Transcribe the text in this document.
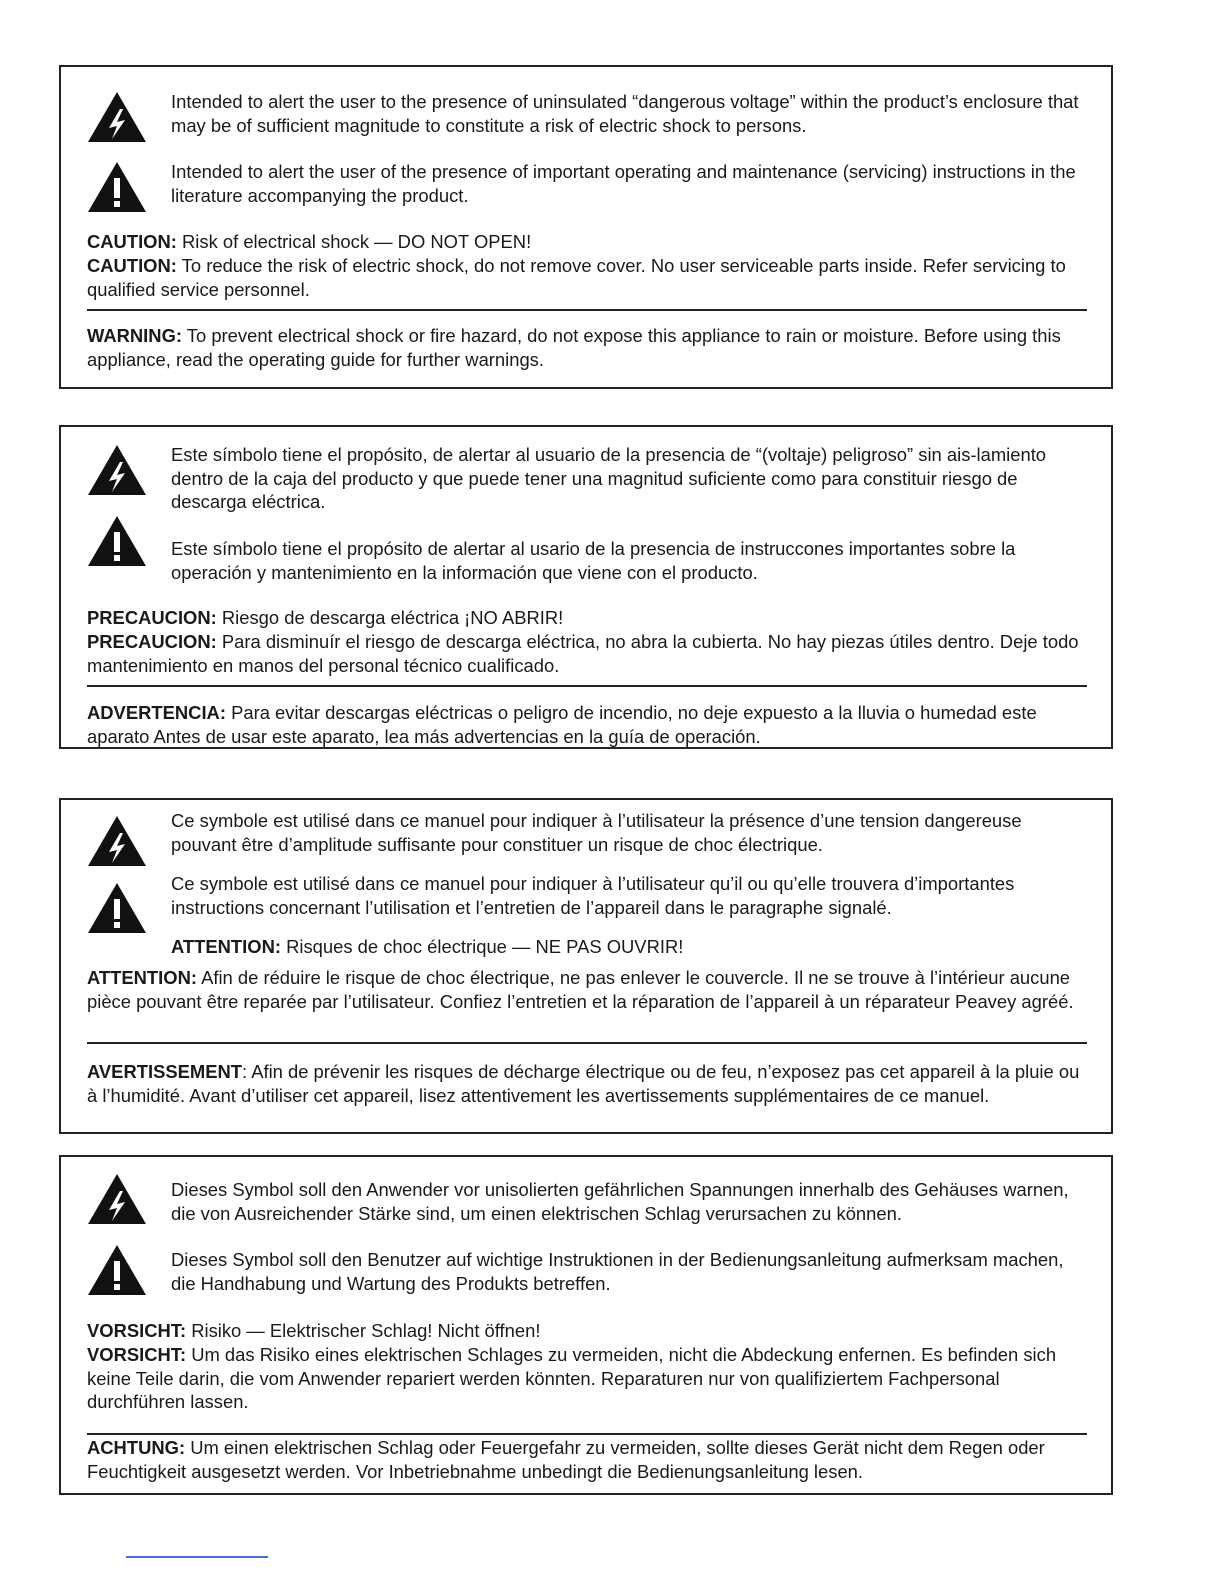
Intended to alert the user to the presence of uninsulated “dangerous voltage” within the product’s enclosure that may be of sufficient magnitude to constitute a risk of electric shock to persons.

Intended to alert the user of the presence of important operating and maintenance (servicing) instructions in the literature accompanying the product.

CAUTION: Risk of electrical shock — DO NOT OPEN!

CAUTION: To reduce the risk of electric shock, do not remove cover. No user serviceable parts inside. Refer servicing to qualified service personnel.

WARNING: To prevent electrical shock or fire hazard, do not expose this appliance to rain or moisture. Before using this appliance, read the operating guide for further warnings.

Este símbolo tiene el propósito, de alertar al usuario de la presencia de “(voltaje) peligroso” sin ais-lamiento dentro de la caja del producto y que puede tener una magnitud suficiente como para constituir riesgo de descarga eléctrica.

Este símbolo tiene el propósito de alertar al usario de la presencia de instruccones importantes sobre la operación y mantenimiento en la información que viene con el producto.

PRECAUCION: Riesgo de descarga eléctrica ¡NO ABRIR!

PRECAUCION: Para disminuír el riesgo de descarga eléctrica, no abra la cubierta. No hay piezas útiles dentro. Deje todo mantenimiento en manos del personal técnico cualificado.

ADVERTENCIA: Para evitar descargas eléctricas o peligro de incendio, no deje expuesto a la lluvia o humedad este aparato Antes de usar este aparato, lea más advertencias en la guía de operación.

Ce symbole est utilisé dans ce manuel pour indiquer à l’utilisateur la présence d’une tension dangereuse pouvant être d’amplitude suffisante pour constituer un risque de choc électrique.

Ce symbole est utilisé dans ce manuel pour indiquer à l’utilisateur qu’il ou qu’elle trouvera d’importantes instructions concernant l’utilisation et l’entretien de l’appareil dans le paragraphe signalé.

ATTENTION: Risques de choc électrique — NE PAS OUVRIR!

ATTENTION: Afin de réduire le risque de choc électrique, ne pas enlever le couvercle. Il ne se trouve à l’intérieur aucune pièce pouvant être reparée par l’utilisateur. Confiez l’entretien et la réparation de l’appareil à un réparateur Peavey agréé.

AVERTISSEMENT: Afin de prévenir les risques de décharge électrique ou de feu, n’exposez pas cet appareil à la pluie ou à l’humidité. Avant d’utiliser cet appareil, lisez attentivement les avertissements supplémentaires de ce manuel.

Dieses Symbol soll den Anwender vor unisolierten gefährlichen Spannungen innerhalb des Gehäuses warnen, die von Ausreichender Stärke sind, um einen elektrischen Schlag verursachen zu können.

Dieses Symbol soll den Benutzer auf wichtige Instruktionen in der Bedienungsanleitung aufmerksam machen, die Handhabung und Wartung des Produkts betreffen.

VORSICHT: Risiko — Elektrischer Schlag! Nicht öffnen!

VORSICHT: Um das Risiko eines elektrischen Schlages zu vermeiden, nicht die Abdeckung enfernen. Es befinden sich keine Teile darin, die vom Anwender repariert werden könnten. Reparaturen nur von qualifiziertem Fachpersonal durchführen lassen.

ACHTUNG: Um einen elektrischen Schlag oder Feuergefahr zu vermeiden, sollte dieses Gerät nicht dem Regen oder Feuchtigkeit ausgesetzt werden. Vor Inbetriebnahme unbedingt die Bedienungsanleitung lesen.
